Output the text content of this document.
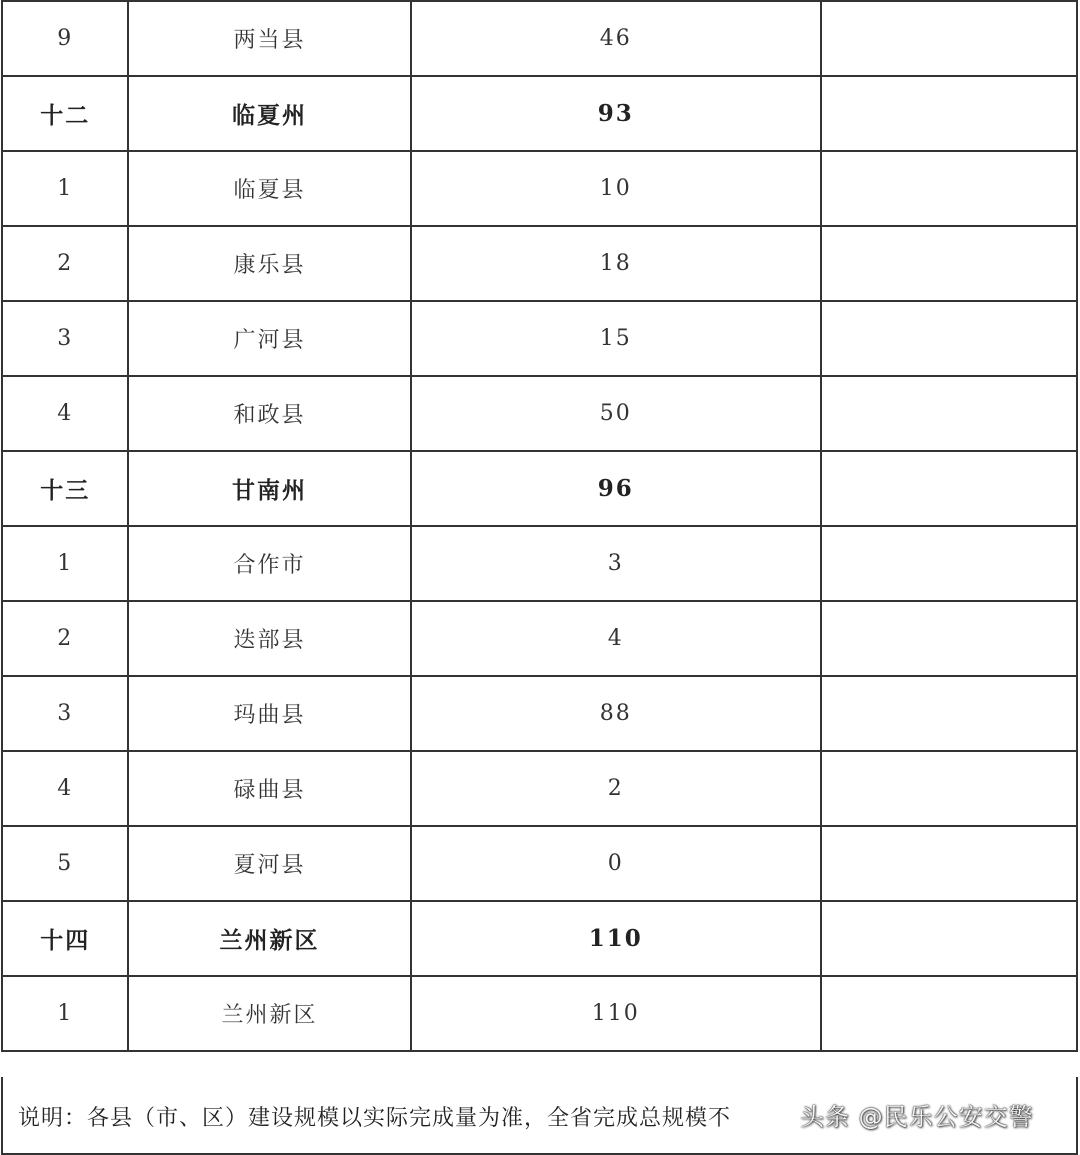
9	两当县	46	
十二	临夏州	93	
1	临夏县	10	
2	康乐县	18	
3	广河县	15	
4	和政县	50	
十三	甘南州	96	
1	合作市	3	
2	迭部县	4	
3	玛曲县	88	
4	碌曲县	2	
5	夏河县	0	
十四	兰州新区	110	
1	兰州新区	110	
说明：各县（市、区）建设规模以实际完成量为准，全省完成总规模不	头条 @民乐公安交警
